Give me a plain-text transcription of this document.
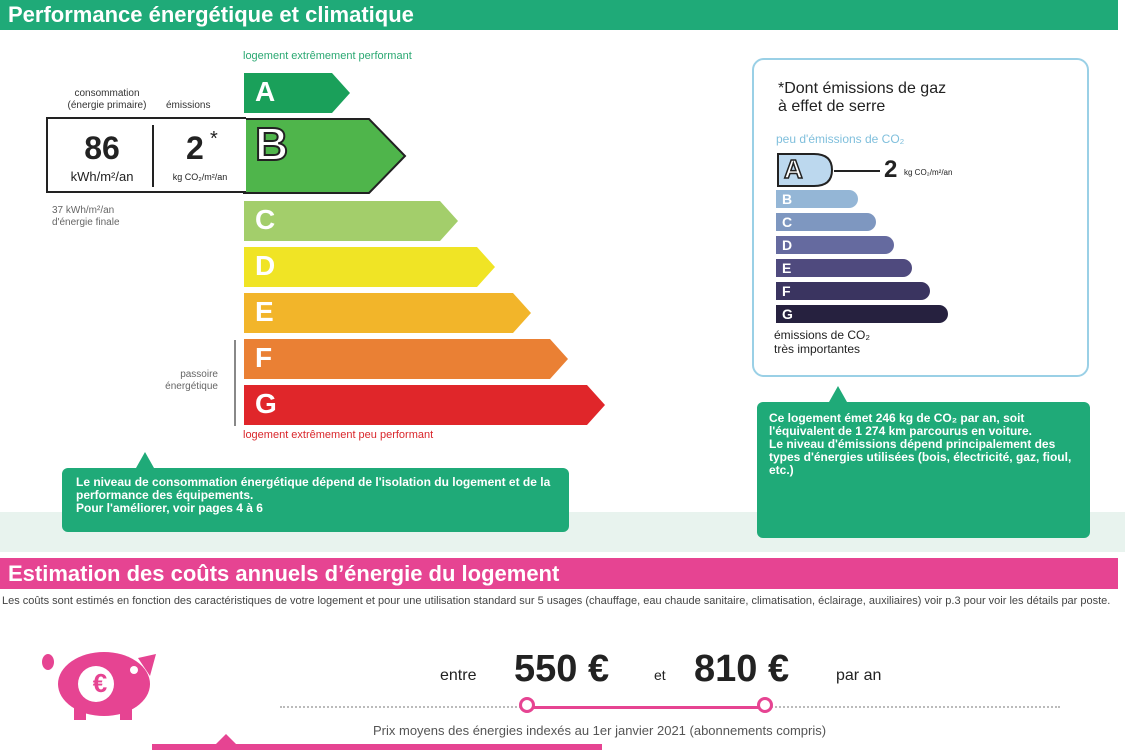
Performance énergétique et climatique
logement extrêmement performant
consommation
(énergie primaire)	émissions A
B
C
D
E
F
G
86
kWh/m²/an
2 *
kg CO₂/m²/an
37 kWh/m²/an
d'énergie finale
passoire
énergétique
logement extrêmement peu performant
Le niveau de consommation énergétique dépend de l'isolation du logement et de la performance des équipements.
Pour l'améliorer, voir pages 4 à 6
*Dont émissions de gaz
à effet de serre
peu d'émissions de CO₂
A	2 kg CO₂/m²/an
émissions de CO₂
très importantes
B
C
D
E
F
G
Ce logement émet 246 kg de CO₂ par an, soit l'équivalent de 1 274 km parcourus en voiture.
Le niveau d'émissions dépend principalement des types d'énergies utilisées (bois, électricité, gaz, fioul, etc.)
Estimation des coûts annuels d’énergie du logement
Les coûts sont estimés en fonction des caractéristiques de votre logement et pour une utilisation standard sur 5 usages (chauffage, eau chaude sanitaire, climatisation, éclairage, auxiliaires) voir p.3 pour voir les détails par poste.
€	entre 550 €	et 810 €	par an
Prix moyens des énergies indexés au 1er janvier 2021 (abonnements compris)
